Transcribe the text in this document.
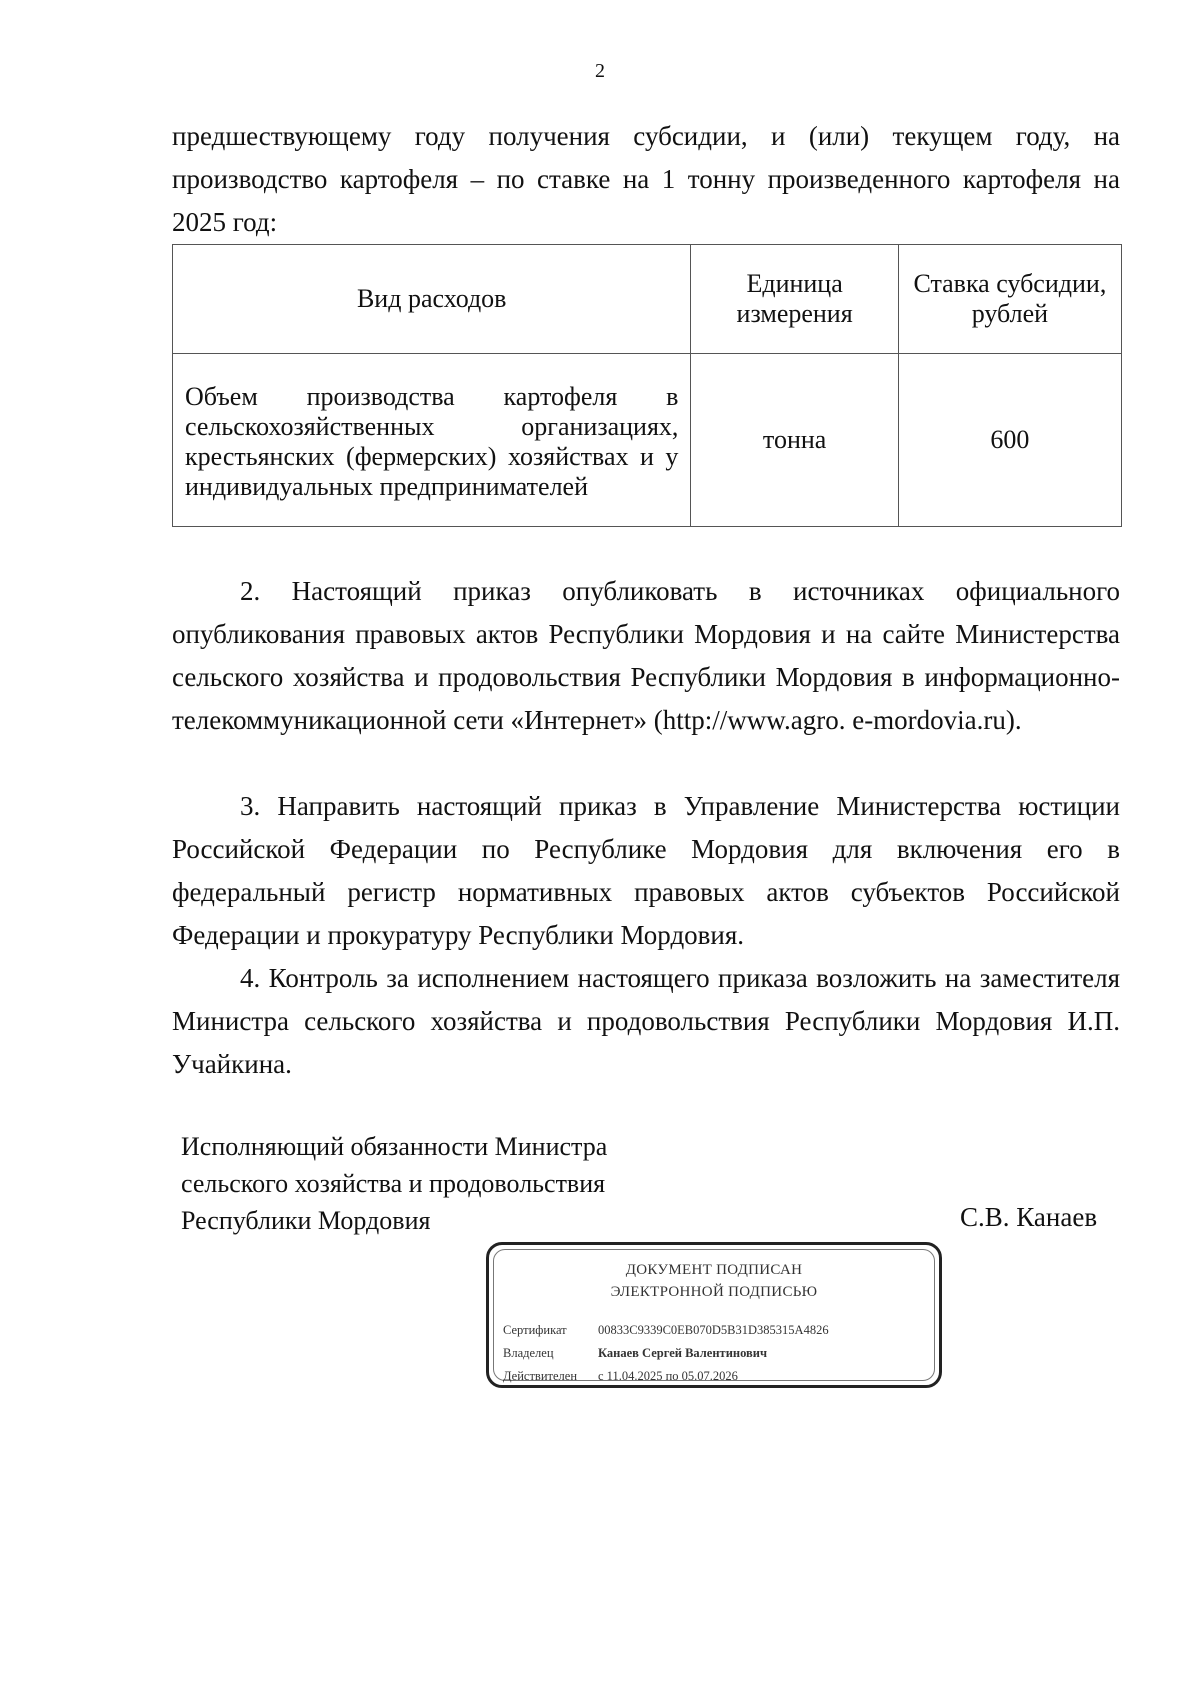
2

предшествующему году получения субсидии, и (или) текущем году, на производство картофеля – по ставке на 1 тонну произведенного картофеля на 2025 год:

Вид расходов	Единица измерения	Ставка субсидии, рублей
Объем производства картофеля в сельскохозяйственных организациях, крестьянских (фермерских) хозяйствах и у индивидуальных предпринимателей	тонна	600

2. Настоящий приказ опубликовать в источниках официального опубликования правовых актов Республики Мордовия и на сайте Министерства сельского хозяйства и продовольствия Республики Мордовия в информационно-телекоммуникационной сети «Интернет» (http://www.agro. e-mordovia.ru).

3. Направить настоящий приказ в Управление Министерства юстиции Российской Федерации по Республике Мордовия для включения его в федеральный регистр нормативных правовых актов субъектов Российской Федерации и прокуратуру Республики Мордовия.

4. Контроль за исполнением настоящего приказа возложить на заместителя Министра сельского хозяйства и продовольствия Республики Мордовия И.П. Учайкина.

Исполняющий обязанности Министра
сельского хозяйства и продовольствия
Республики Мордовия	С.В. Канаев
ДОКУМЕНТ ПОДПИСАН
ЭЛЕКТРОННОЙ ПОДПИСЬЮ
Сертификат	00833C9339C0EB070D5B31D385315A4826
Владелец	Канаев Сергей Валентинович
Действителен с 11.04.2025 по 05.07.2026
